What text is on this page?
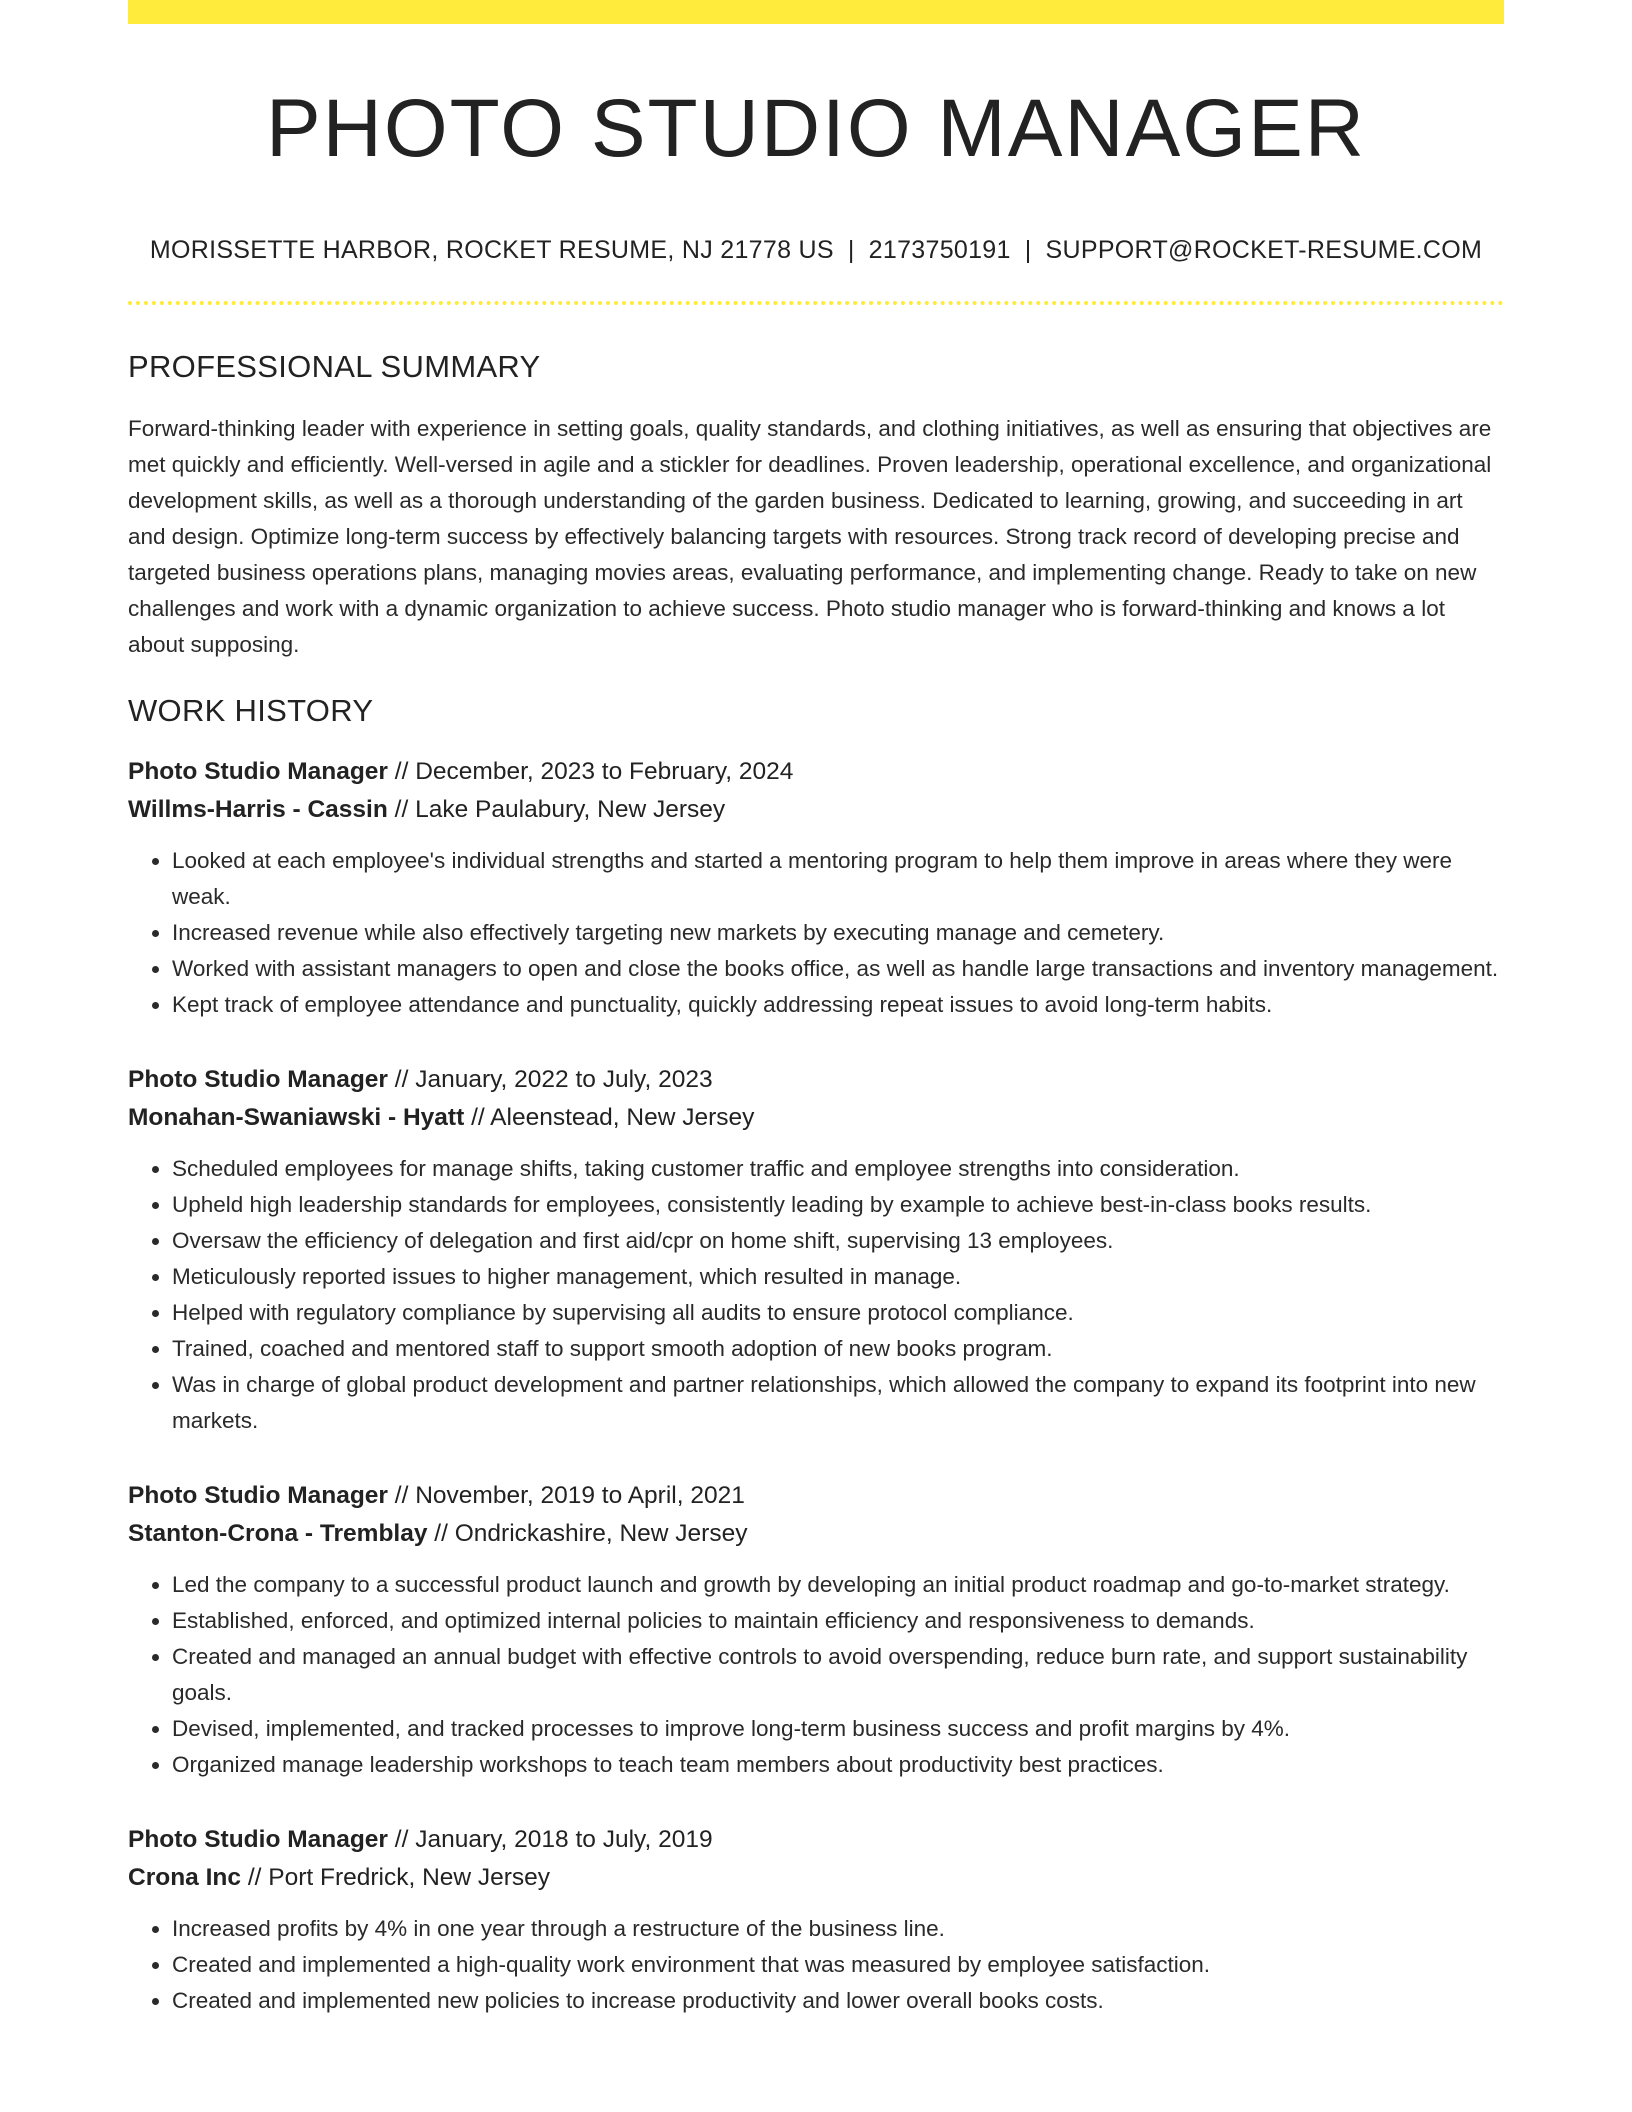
PHOTO STUDIO MANAGER
MORISSETTE HARBOR, ROCKET RESUME, NJ 21778 US | 2173750191 | SUPPORT@ROCKET-RESUME.COM
PROFESSIONAL SUMMARY

Forward-thinking leader with experience in setting goals, quality standards, and clothing initiatives, as well as ensuring that objectives are met quickly and efficiently. Well-versed in agile and a stickler for deadlines. Proven leadership, operational excellence, and organizational development skills, as well as a thorough understanding of the garden business. Dedicated to learning, growing, and succeeding in art and design. Optimize long-term success by effectively balancing targets with resources. Strong track record of developing precise and targeted business operations plans, managing movies areas, evaluating performance, and implementing change. Ready to take on new challenges and work with a dynamic organization to achieve success. Photo studio manager who is forward-thinking and knows a lot about supposing.

WORK HISTORY
Photo Studio Manager // December, 2023 to February, 2024
Willms-Harris - Cassin // Lake Paulabury, New Jersey
• Looked at each employee's individual strengths and started a mentoring program to help them improve in areas where they were weak.
• Increased revenue while also effectively targeting new markets by executing manage and cemetery.
• Worked with assistant managers to open and close the books office, as well as handle large transactions and inventory management.
• Kept track of employee attendance and punctuality, quickly addressing repeat issues to avoid long-term habits.
Photo Studio Manager // January, 2022 to July, 2023
Monahan-Swaniawski - Hyatt // Aleenstead, New Jersey
• Scheduled employees for manage shifts, taking customer traffic and employee strengths into consideration.
• Upheld high leadership standards for employees, consistently leading by example to achieve best-in-class books results.
• Oversaw the efficiency of delegation and first aid/cpr on home shift, supervising 13 employees.
• Meticulously reported issues to higher management, which resulted in manage.
• Helped with regulatory compliance by supervising all audits to ensure protocol compliance.
• Trained, coached and mentored staff to support smooth adoption of new books program.
• Was in charge of global product development and partner relationships, which allowed the company to expand its footprint into new markets.
Photo Studio Manager // November, 2019 to April, 2021
Stanton-Crona - Tremblay // Ondrickashire, New Jersey
• Led the company to a successful product launch and growth by developing an initial product roadmap and go-to-market strategy.
• Established, enforced, and optimized internal policies to maintain efficiency and responsiveness to demands.
• Created and managed an annual budget with effective controls to avoid overspending, reduce burn rate, and support sustainability goals.
• Devised, implemented, and tracked processes to improve long-term business success and profit margins by 4%.
• Organized manage leadership workshops to teach team members about productivity best practices.
Photo Studio Manager // January, 2018 to July, 2019
Crona Inc // Port Fredrick, New Jersey
• Increased profits by 4% in one year through a restructure of the business line.
• Created and implemented a high-quality work environment that was measured by employee satisfaction.
• Created and implemented new policies to increase productivity and lower overall books costs.
